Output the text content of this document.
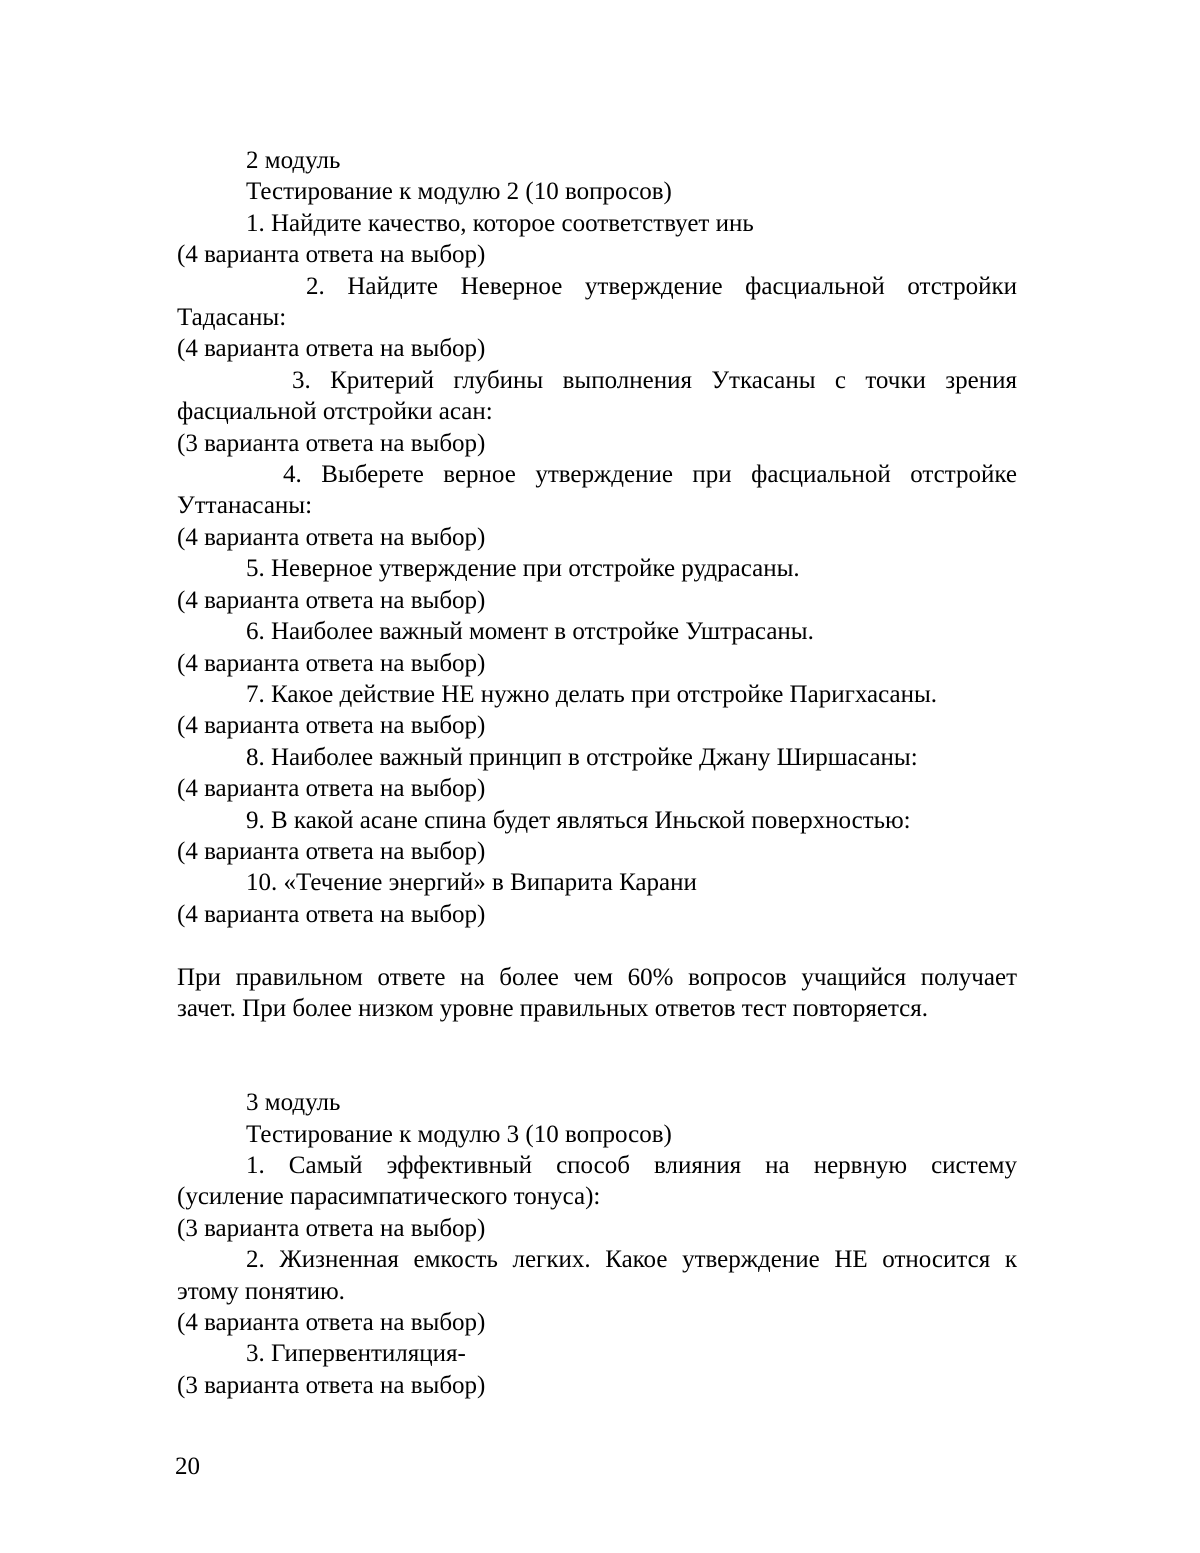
2 модуль
Тестирование к модулю 2 (10 вопросов)
1. Найдите качество, которое соответствует инь
(4 варианта ответа на выбор)
2. Найдите Неверное утверждение фасциальной отстройки
Тадасаны:
(4 варианта ответа на выбор)
3. Критерий глубины выполнения Уткасаны с точки зрения
фасциальной отстройки асан:
(3 варианта ответа на выбор)
4. Выберете верное утверждение при фасциальной отстройке
Уттанасаны:
(4 варианта ответа на выбор)
5. Неверное утверждение при отстройке рудрасаны.
(4 варианта ответа на выбор)
6. Наиболее важный момент в отстройке Уштрасаны.
(4 варианта ответа на выбор)
7. Какое действие НЕ нужно делать при отстройке Паригхасаны.
(4 варианта ответа на выбор)
8. Наиболее важный принцип в отстройке Джану Ширшасаны:
(4 варианта ответа на выбор)
9. В какой асане спина будет являться Иньской поверхностью:
(4 варианта ответа на выбор)
10. «Течение энергий» в Випарита Карани
(4 варианта ответа на выбор)

При правильном ответе на более чем 60% вопросов учащийся получает
зачет. При более низком уровне правильных ответов тест повторяется.

3 модуль
Тестирование к модулю 3 (10 вопросов)
1. Самый эффективный способ влияния на нервную систему
(усиление парасимпатического тонуса):
(3 варианта ответа на выбор)
2. Жизненная емкость легких. Какое утверждение НЕ относится к
этому понятию.
(4 варианта ответа на выбор)
3. Гипервентиляция-
(3 варианта ответа на выбор)
20
